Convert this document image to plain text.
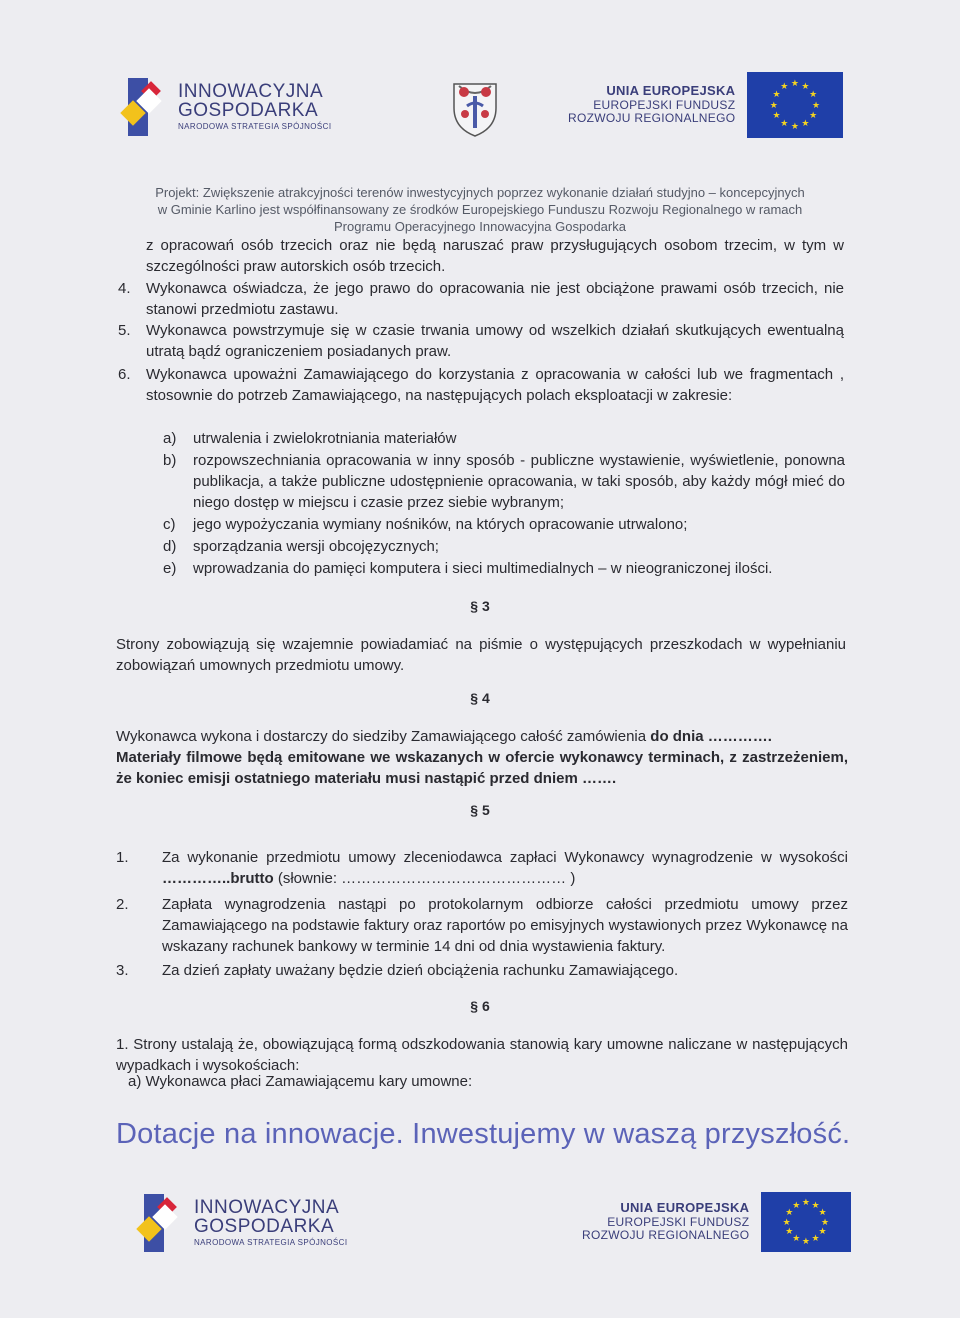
INNOWACYJNA
GOSPODARKA
NARODOWA STRATEGIA SPÓJNOŚCI
UNIA EUROPEJSKA
EUROPEJSKI FUNDUSZ
ROZWOJU REGIONALNEGO
★ ★
★
★
★
★
★
★
★
★
★
★
Projekt: Zwiększenie atrakcyjności terenów inwestycyjnych poprzez wykonanie działań studyjno – koncepcyjnych
w Gminie Karlino jest współfinansowany ze środków Europejskiego Funduszu Rozwoju Regionalnego w ramach
Programu Operacyjnego Innowacyjna Gospodarka
z opracowań osób trzecich oraz nie będą naruszać praw przysługujących osobom trzecim, w tym w szczególności praw autorskich osób trzecich.
4. Wykonawca oświadcza, że jego prawo do opracowania nie jest obciążone prawami osób trzecich, nie stanowi przedmiotu zastawu.
5. Wykonawca powstrzymuje się w czasie trwania umowy od wszelkich działań skutkujących ewentualną utratą bądź ograniczeniem posiadanych praw.
6. Wykonawca upoważni Zamawiającego do korzystania z opracowania w całości lub we fragmentach , stosownie do potrzeb Zamawiającego, na następujących polach eksploatacji w zakresie:
a) utrwalenia i zwielokrotniania materiałów
b) rozpowszechniania opracowania w inny sposób - publiczne wystawienie, wyświetlenie, ponowna publikacja, a także publiczne udostępnienie opracowania, w taki sposób, aby każdy mógł mieć do niego dostęp w miejscu i czasie przez siebie wybranym;
c) jego wypożyczania wymiany nośników, na których opracowanie utrwalono;
d) sporządzania wersji obcojęzycznych;
e) wprowadzania do pamięci komputera i sieci multimedialnych – w nieograniczonej ilości.
§ 3
Strony zobowiązują się wzajemnie powiadamiać na piśmie o występujących przeszkodach w wypełnianiu zobowiązań umownych przedmiotu umowy.
§ 4
Wykonawca wykona i dostarczy do siedziby Zamawiającego całość zamówienia do dnia ………….
Materiały filmowe będą emitowane we wskazanych w ofercie wykonawcy terminach, z zastrzeżeniem, że koniec emisji ostatniego materiału musi nastąpić przed dniem …….
§ 5
1. Za wykonanie przedmiotu umowy zleceniodawca zapłaci Wykonawcy wynagrodzenie w wysokości …………..brutto (słownie: ……………………………………… )
2. Zapłata wynagrodzenia nastąpi po protokolarnym odbiorze całości przedmiotu umowy przez Zamawiającego na podstawie faktury oraz raportów po emisyjnych wystawionych przez Wykonawcę na wskazany rachunek bankowy w terminie 14 dni od dnia wystawienia faktury.
3. Za dzień zapłaty uważany będzie dzień obciążenia rachunku Zamawiającego.
§ 6
1. Strony ustalają że, obowiązującą formą odszkodowania stanowią kary umowne naliczane w następujących wypadkach i wysokościach:
a) Wykonawca płaci Zamawiającemu kary umowne:
Dotacje na innowacje. Inwestujemy w waszą przyszłość.
INNOWACYJNA
GOSPODARKA
NARODOWA STRATEGIA SPÓJNOŚCI
UNIA EUROPEJSKA
EUROPEJSKI FUNDUSZ
ROZWOJU REGIONALNEGO
★ ★
★
★
★
★
★
★
★
★
★
★
